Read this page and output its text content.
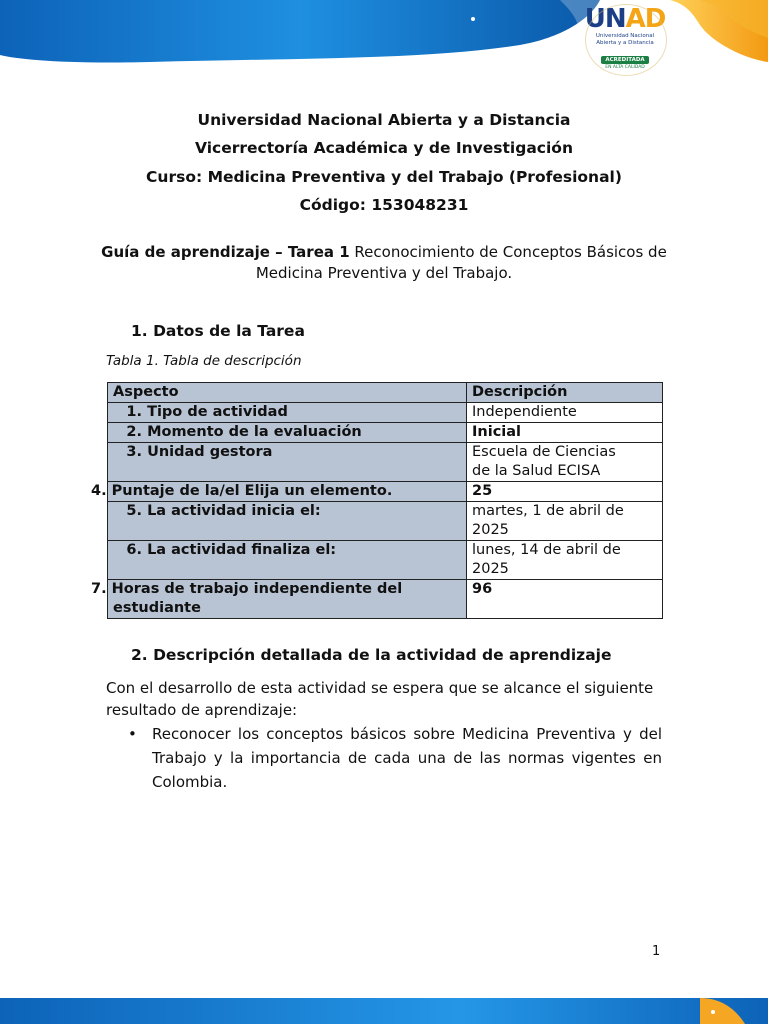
UNAD
Universidad Nacional
Abierta y a Distancia
ACREDITADA
EN ALTA CALIDAD
Universidad Nacional Abierta y a Distancia
Vicerrectoría Académica y de Investigación
Curso: Medicina Preventiva y del Trabajo (Profesional)
Código: 153048231
Guía de aprendizaje – Tarea 1 Reconocimiento de Conceptos Básicos de Medicina Preventiva y del Trabajo.
1. Datos de la Tarea
Tabla 1. Tabla de descripción
Aspecto	Descripción
1. Tipo de actividad	Independiente
2. Momento de la evaluación	Inicial
3. Unidad gestora	Escuela de Ciencias de la Salud ECISA
4. Puntaje de la/el Elija un elemento.	25
5. La actividad inicia el:	martes, 1 de abril de 2025
6. La actividad finaliza el:	lunes, 14 de abril de 2025
7. Horas de trabajo independiente del estudiante	96
2. Descripción detallada de la actividad de aprendizaje
Con el desarrollo de esta actividad se espera que se alcance el siguiente resultado de aprendizaje:
• Reconocer los conceptos básicos sobre Medicina Preventiva y del Trabajo y la importancia de cada una de las normas vigentes en Colombia.
1
